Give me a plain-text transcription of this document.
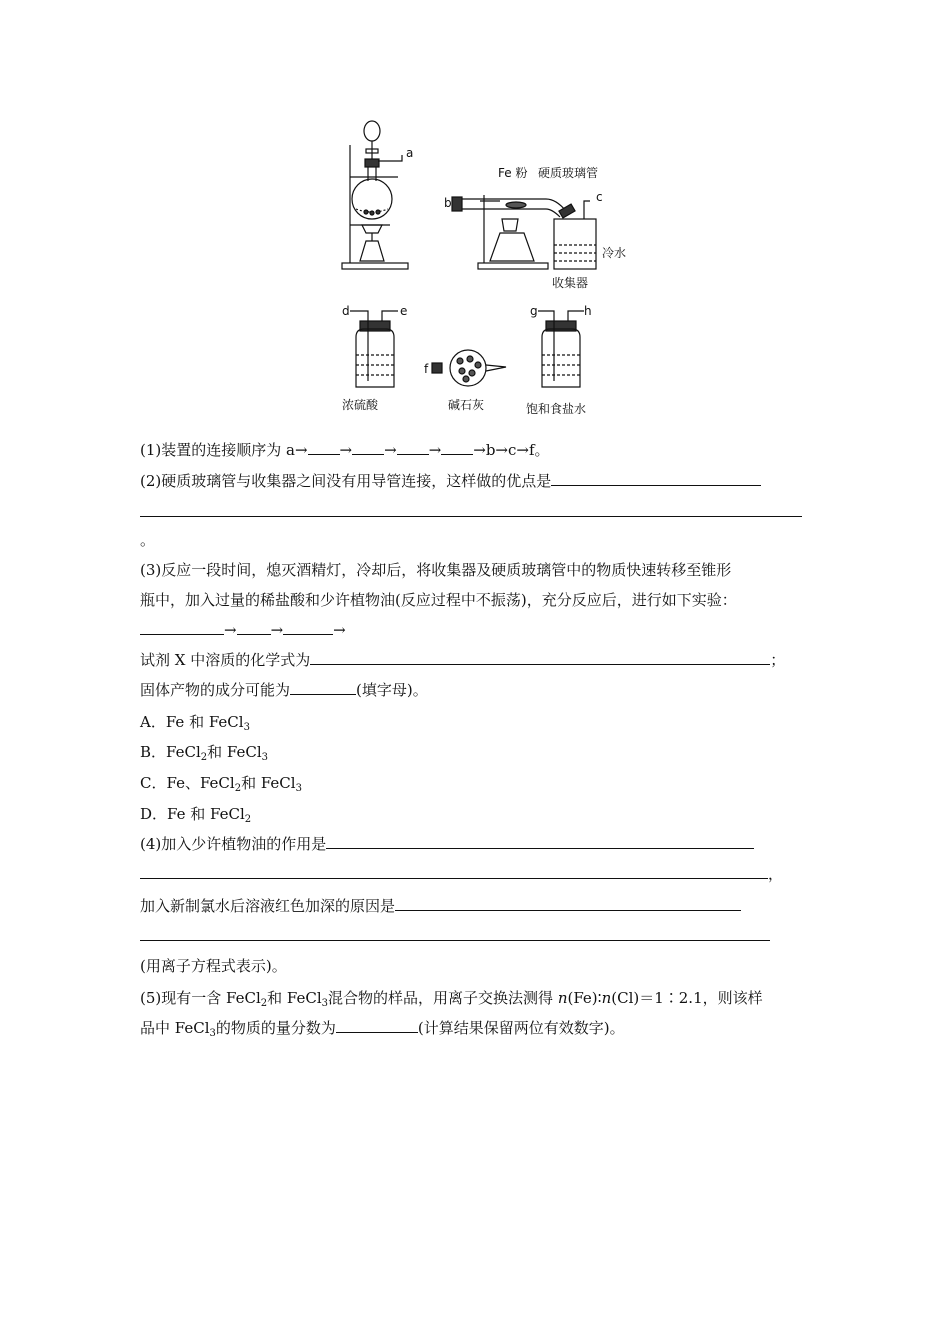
a
b	c
Fe 粉 硬质玻璃管
冷水
收集器
d	e
浓硫酸
f
碱石灰
g	h
饱和食盐水
(1)装置的连接顺序为 a→ → → → →b→c→f。
(2)硬质玻璃管与收集器之间没有用导管连接，这样做的优点是
。
(3)反应一段时间，熄灭酒精灯，冷却后，将收集器及硬质玻璃管中的物质快速转移至锥形
瓶中，加入过量的稀盐酸和少许植物油(反应过程中不振荡)，充分反应后，进行如下实验：
→ →	→
试剂 X 中溶质的化学式为	；
固体产物的成分可能为	(填字母)。
A．Fe 和 FeCl$_3$
B．FeCl$_2$和 FeCl$_3$
C．Fe、FeCl$_2$和 FeCl$_3$
D．Fe 和 FeCl$_2$
(4)加入少许植物油的作用是
，
加入新制氯水后溶液红色加深的原因是
(用离子方程式表示)。
(5)现有一含 FeCl$_2$和 FeCl$_3$混合物的样品，用离子交换法测得 n(Fe)∶n(Cl)＝1∶2.1，则该样
品中 FeCl$_3$的物质的量分数为	(计算结果保留两位有效数字)。
